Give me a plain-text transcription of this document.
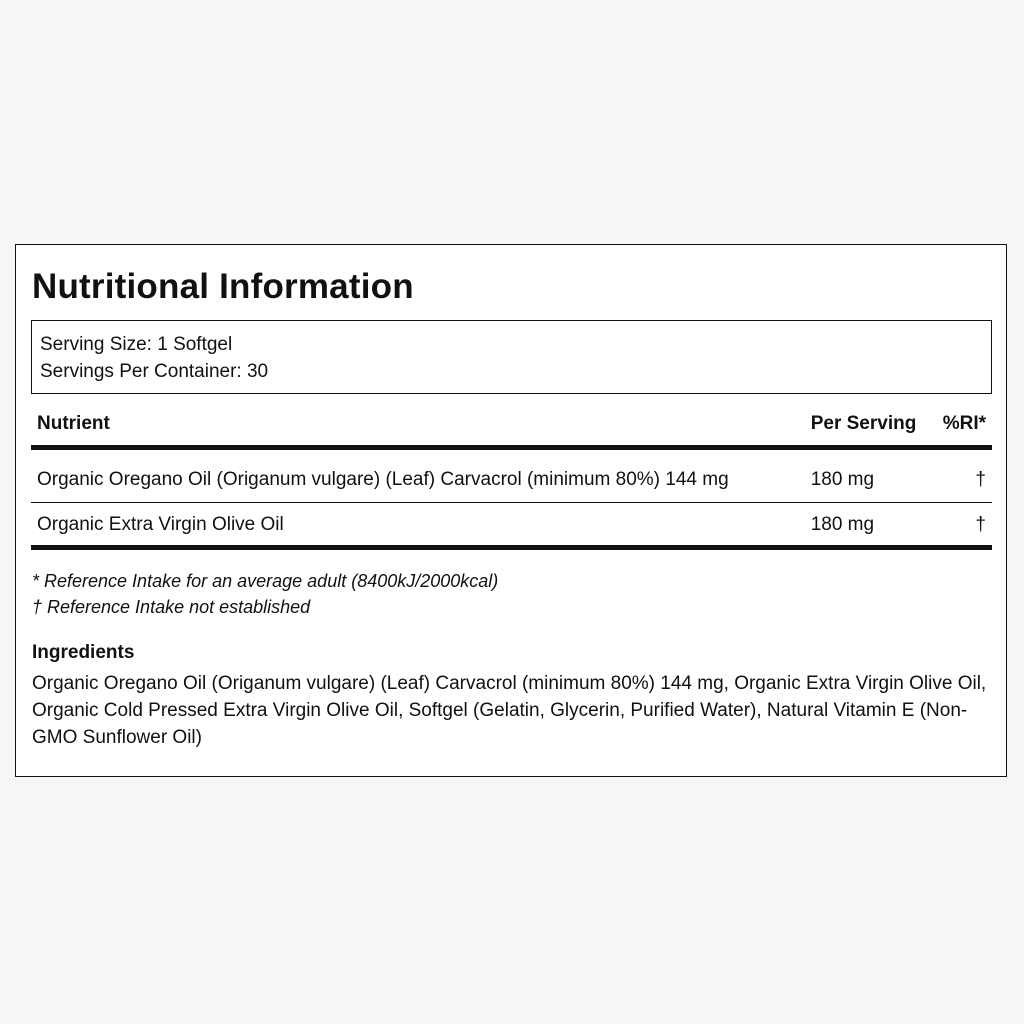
Nutritional Information
Serving Size: 1 Softgel
Servings Per Container: 30
Nutrient	Per Serving	%RI*
Organic Oregano Oil (Origanum vulgare) (Leaf) Carvacrol (minimum 80%) 144 mg	180 mg	†
Organic Extra Virgin Olive Oil	180 mg	†
* Reference Intake for an average adult (8400kJ/2000kcal)
† Reference Intake not established
Ingredients
Organic Oregano Oil (Origanum vulgare) (Leaf) Carvacrol (minimum 80%) 144 mg, Organic Extra Virgin Olive Oil, Organic Cold Pressed Extra Virgin Olive Oil, Softgel (Gelatin, Glycerin, Purified Water), Natural Vitamin E (Non-GMO Sunflower Oil)
